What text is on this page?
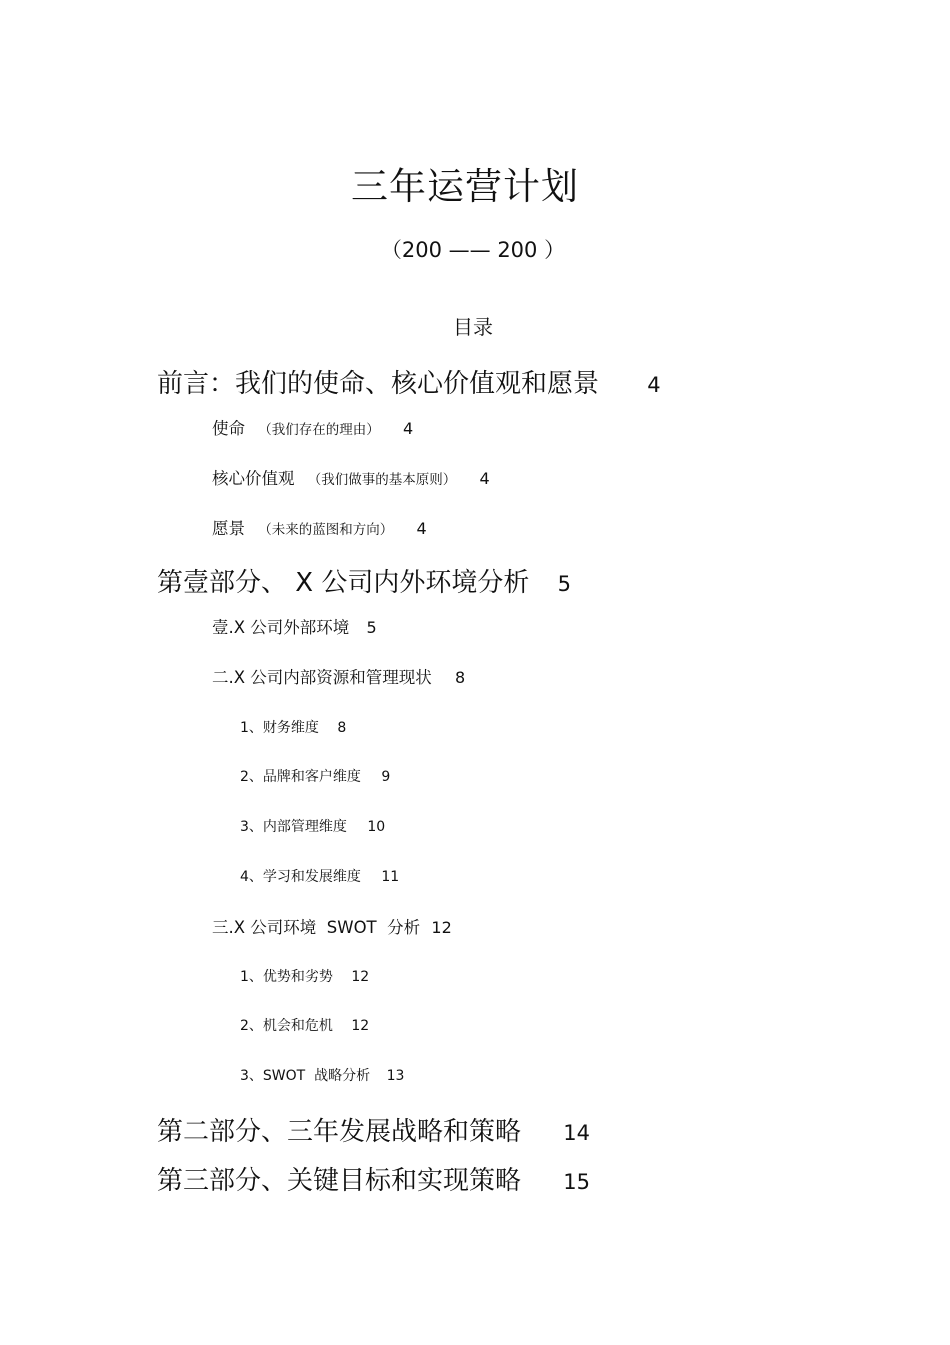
三年运营计划
（200 —— 200 ）
目录
前言：我们的使命、核心价值观和愿景 4
使命 （我们存在的理由） 4
核心价值观 （我们做事的基本原则） 4
愿景 （未来的蓝图和方向） 4
第壹部分、 X 公司内外环境分析 5
壹.X 公司外部环境 5
二.X 公司内部资源和管理现状 8
1、财务维度 8
2、品牌和客户维度 9
3、内部管理维度 10
4、学习和发展维度 11
三.X 公司环境  SWOT  分析 12
1、优势和劣势 12
2、机会和危机 12
3、SWOT  战略分析 13
第二部分、三年发展战略和策略 14
第三部分、关键目标和实现策略 15
